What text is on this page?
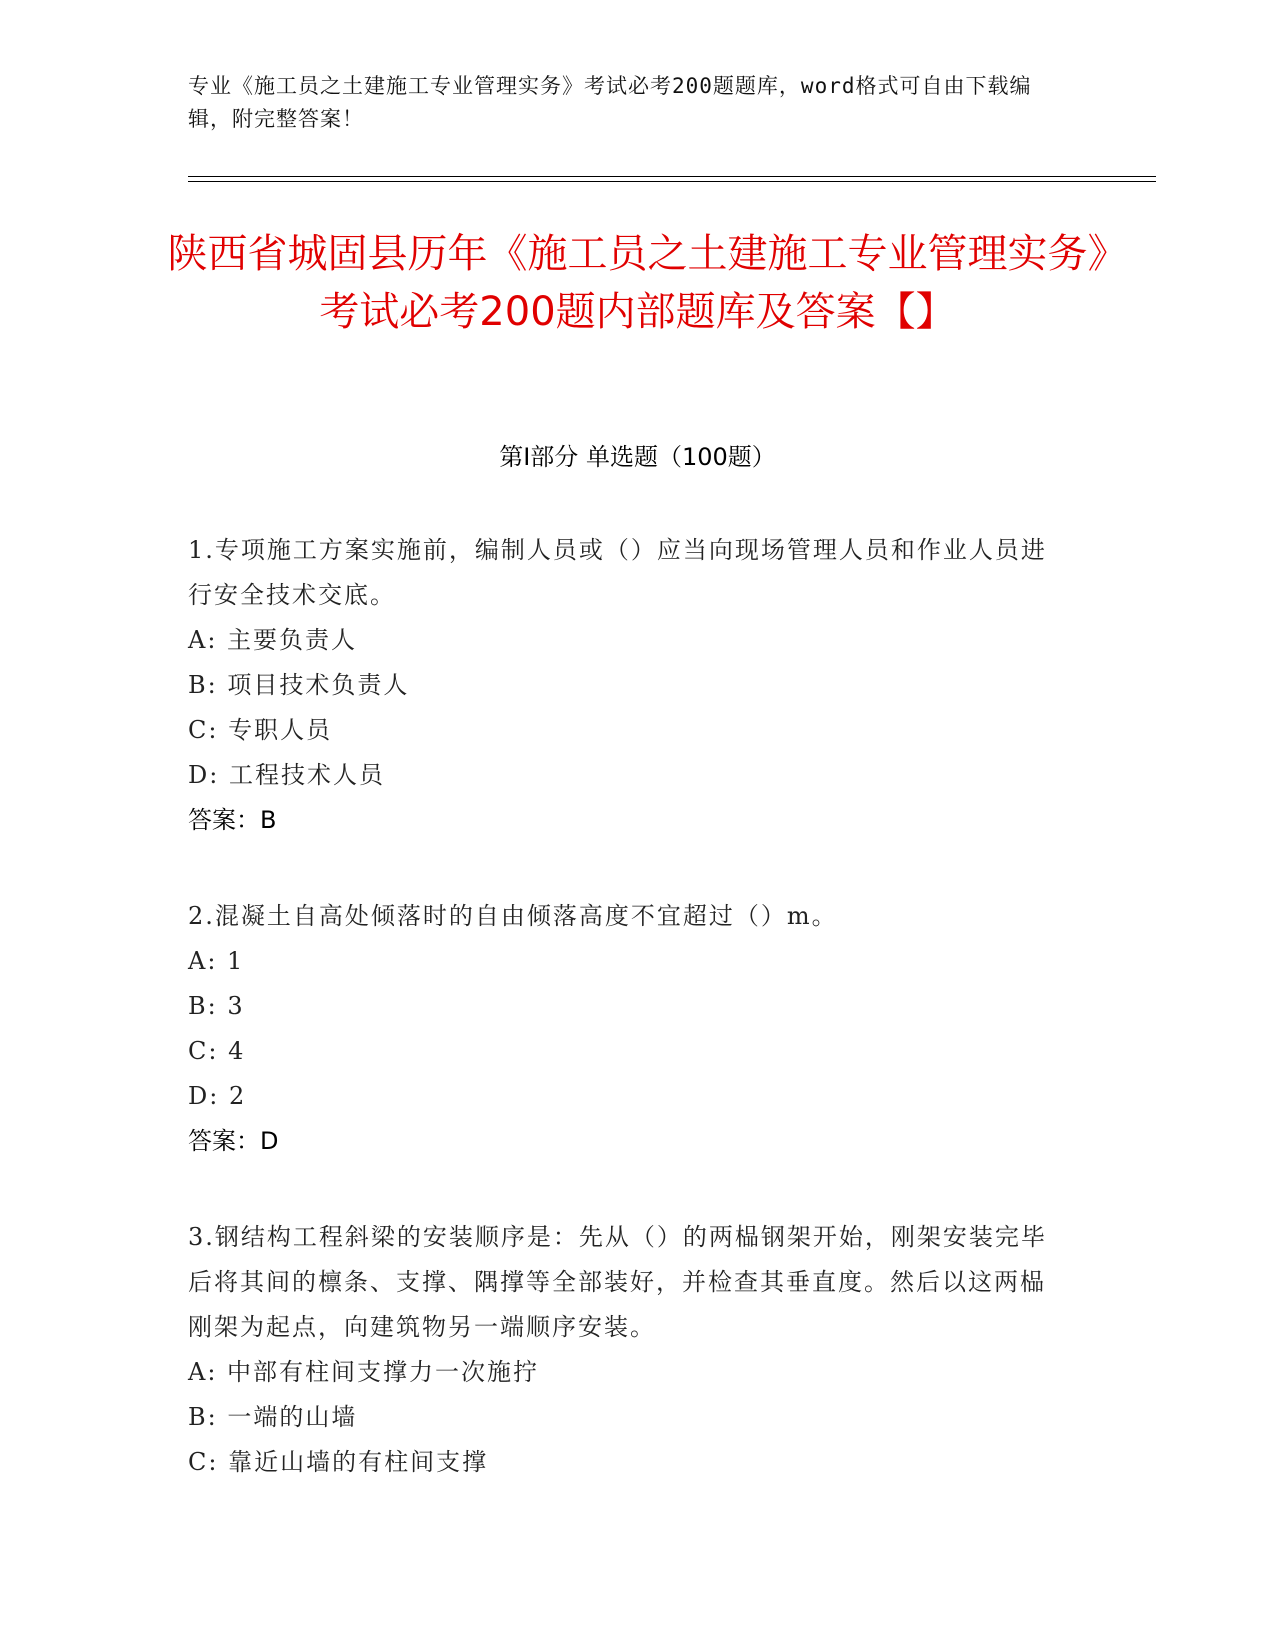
专业《施工员之土建施工专业管理实务》考试必考200题题库，word格式可自由下载编辑，附完整答案！
陕西省城固县历年《施工员之土建施工专业管理实务》考试必考200题内部题库及答案【】
第I部分 单选题（100题）

1.专项施工方案实施前，编制人员或（）应当向现场管理人员和作业人员进行安全技术交底。

A: 主要负责人

B: 项目技术负责人

C: 专职人员

D: 工程技术人员

答案：B

2.混凝土自高处倾落时的自由倾落高度不宜超过（）m。

A: 1

B: 3

C: 4

D: 2

答案：D

3.钢结构工程斜梁的安装顺序是：先从（）的两榀钢架开始，刚架安装完毕后将其间的檩条、支撑、隅撑等全部装好，并检查其垂直度。然后以这两榀刚架为起点，向建筑物另一端顺序安装。

A: 中部有柱间支撑力一次施拧

B: 一端的山墙

C: 靠近山墙的有柱间支撑
